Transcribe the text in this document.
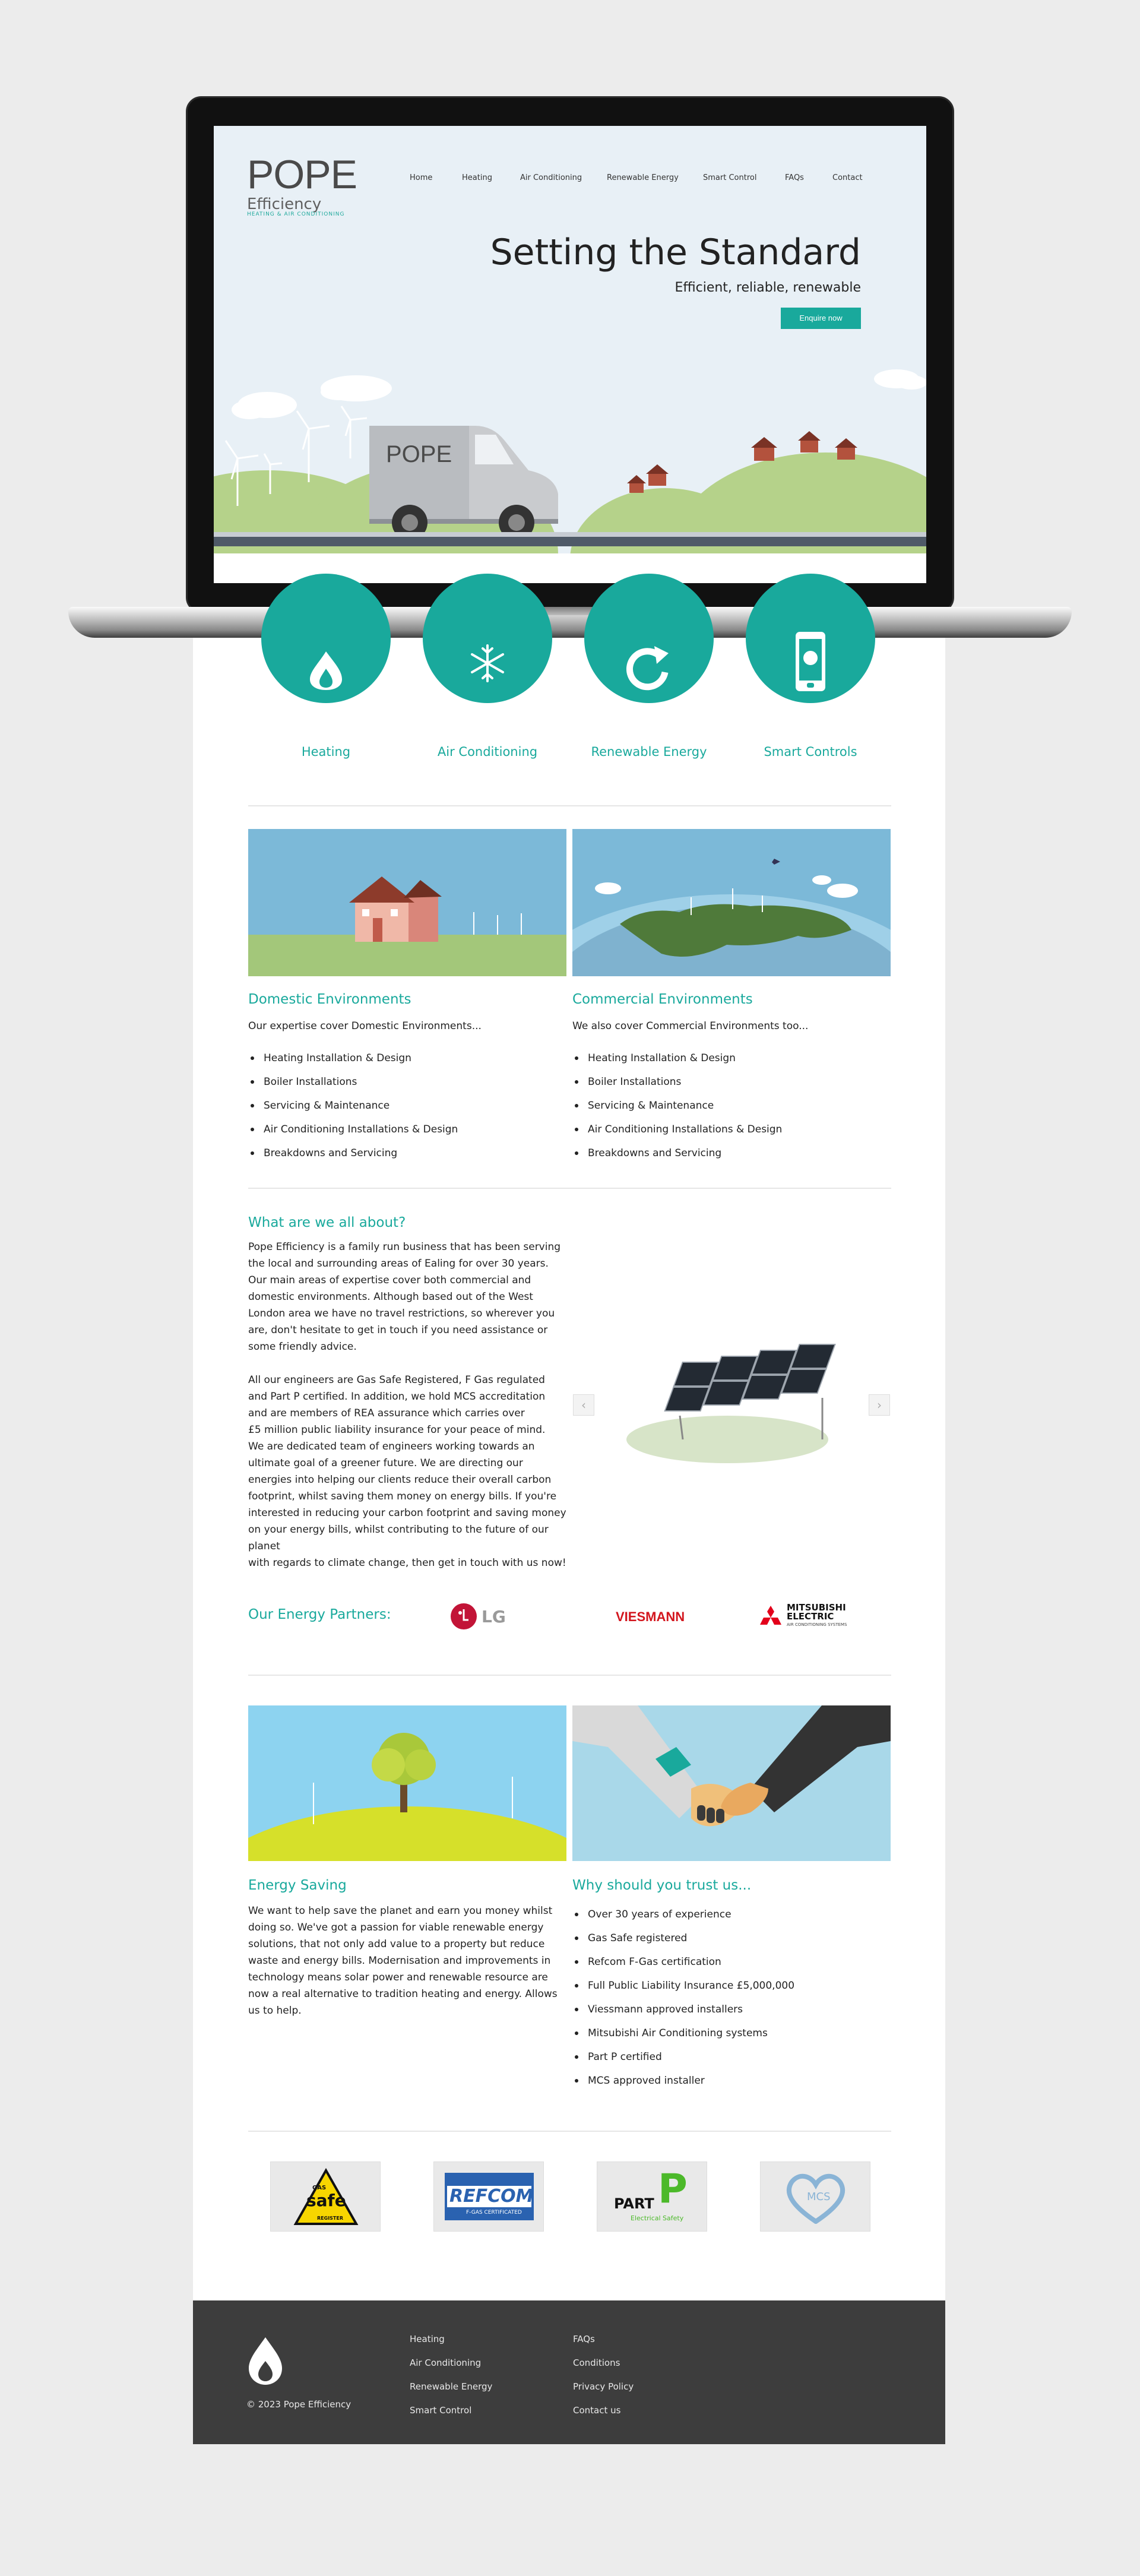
POPE
POPE
Efficiency
HEATING & AIR CONDITIONING
Home	Heating	Air Conditioning	Renewable Energy	Smart Control	FAQs	Contact
Setting the Standard
Efficient, reliable, renewable
Enquire now
Heating	Air Conditioning	Renewable Energy	Smart Controls
Domestic Environments
Our expertise cover Domestic Environments...
Heating Installation & Design
Boiler Installations
Servicing & Maintenance
Air Conditioning Installations & Design
Breakdowns and Servicing
Commercial Environments
We also cover Commercial Environments too...
Heating Installation & Design
Boiler Installations
Servicing & Maintenance
Air Conditioning Installations & Design
Breakdowns and Servicing
What are we all about?
Pope Efficiency is a family run business that has been serving
the local and surrounding areas of Ealing for over 30 years.
Our main areas of expertise cover both commercial and
domestic environments. Although based out of the West
London area we have no travel restrictions, so wherever you
are, don't hesitate to get in touch if you need assistance or
some friendly advice.
All our engineers are Gas Safe Registered, F Gas regulated
and Part P certified. In addition, we hold MCS accreditation
and are members of REA assurance which carries over
£5 million public liability insurance for your peace of mind.
We are dedicated team of engineers working towards an
ultimate goal of a greener future. We are directing our
energies into helping our clients reduce their overall carbon
footprint, whilst saving them money on energy bills. If you're
interested in reducing your carbon footprint and saving money
on your energy bills, whilst contributing to the future of our planet
with regards to climate change, then get in touch with us now!
‹	›
Our Energy Partners:	LG	VIESMANN
MITSUBISHI
ELECTRIC
AIR CONDITIONING SYSTEMS
Energy Saving
We want to help save the planet and earn you money whilst
doing so. We've got a passion for viable renewable energy
solutions, that not only add value to a property but reduce
waste and energy bills. Modernisation and improvements in
technology means solar power and renewable resource are
now a real alternative to tradition heating and energy. Allows
us to help.
Why should you trust us...
Over 30 years of experience
Gas Safe registered
Refcom F-Gas certification
Full Public Liability Insurance £5,000,000
Viessmann approved installers
Mitsubishi Air Conditioning systems
Part P certified
MCS approved installer
GAS
safe
REGISTER
REFCOM
F-GAS CERTIFICATED
PART P
Electrical Safety
MCS
© 2023 Pope Efficiency
Heating
Air Conditioning
Renewable Energy
Smart Control
FAQs
Conditions
Privacy Policy
Contact us
